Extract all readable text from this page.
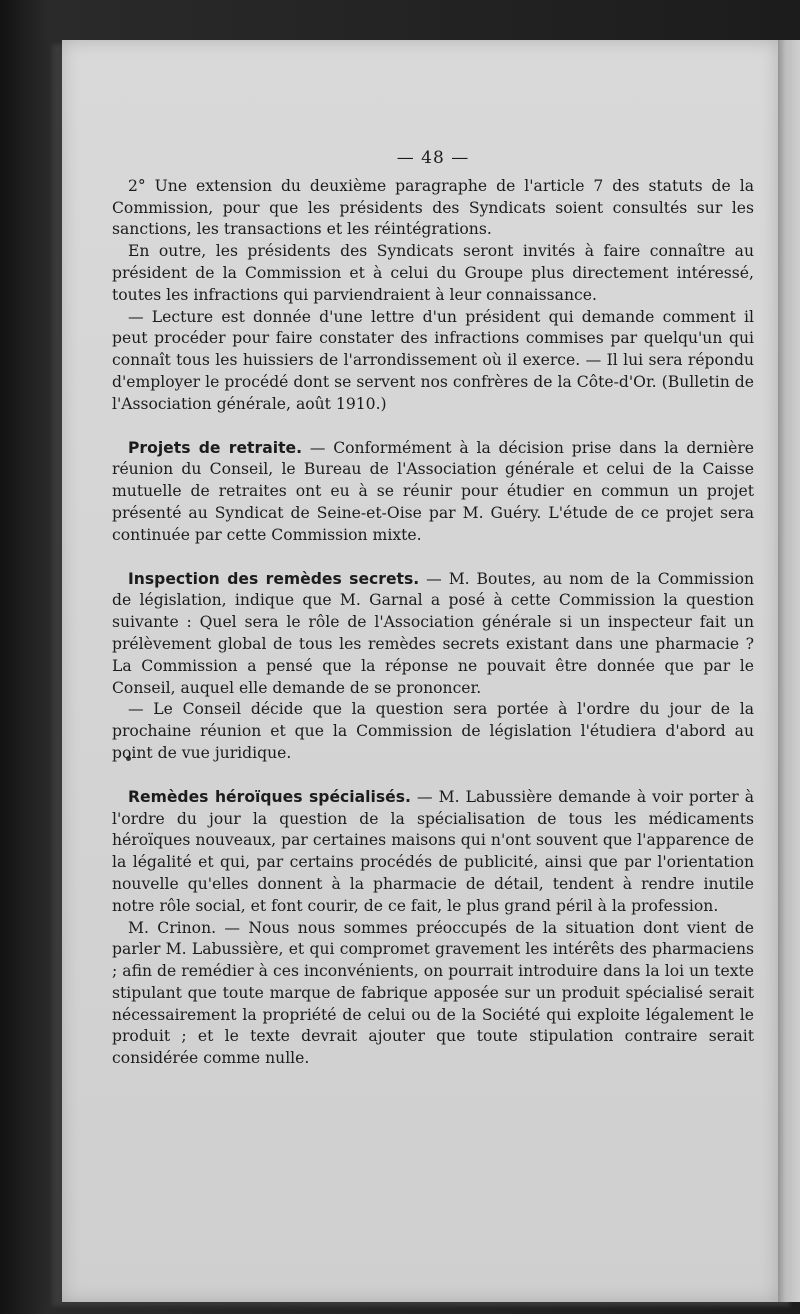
— 48 —

2° Une extension du deuxième paragraphe de l'article 7 des statuts de la Commission, pour que les présidents des Syndicats soient consultés sur les sanctions, les transactions et les réintégrations.

En outre, les présidents des Syndicats seront invités à faire connaître au président de la Commission et à celui du Groupe plus directement intéressé, toutes les infractions qui parviendraient à leur connaissance.

— Lecture est donnée d'une lettre d'un président qui demande comment il peut procéder pour faire constater des infractions commises par quelqu'un qui connaît tous les huissiers de l'arrondissement où il exerce. — Il lui sera répondu d'employer le procédé dont se servent nos confrères de la Côte-d'Or. (Bulletin de l'Association générale, août 1910.)

Projets de retraite. — Conformément à la décision prise dans la dernière réunion du Conseil, le Bureau de l'Association générale et celui de la Caisse mutuelle de retraites ont eu à se réunir pour étudier en commun un projet présenté au Syndicat de Seine-et-Oise par M. Guéry. L'étude de ce projet sera continuée par cette Commission mixte.

Inspection des remèdes secrets. — M. Boutes, au nom de la Commission de législation, indique que M. Garnal a posé à cette Commission la question suivante : Quel sera le rôle de l'Association générale si un inspecteur fait un prélèvement global de tous les remèdes secrets existant dans une pharmacie ? La Commission a pensé que la réponse ne pouvait être donnée que par le Conseil, auquel elle demande de se prononcer.

— Le Conseil décide que la question sera portée à l'ordre du jour de la prochaine réunion et que la Commission de législation l'étudiera d'abord au point de vue juridique.

Remèdes héroïques spécialisés. — M. Labussière demande à voir porter à l'ordre du jour la question de la spécialisation de tous les médicaments héroïques nouveaux, par certaines maisons qui n'ont souvent que l'apparence de la légalité et qui, par certains procédés de publicité, ainsi que par l'orientation nouvelle qu'elles donnent à la pharmacie de détail, tendent à rendre inutile notre rôle social, et font courir, de ce fait, le plus grand péril à la profession.

M. Crinon. — Nous nous sommes préoccupés de la situation dont vient de parler M. Labussière, et qui compromet gravement les intérêts des pharmaciens ; afin de remédier à ces inconvénients, on pourrait introduire dans la loi un texte stipulant que toute marque de fabrique apposée sur un produit spécialisé serait nécessairement la propriété de celui ou de la Société qui exploite légalement le produit ; et le texte devrait ajouter que toute stipulation contraire serait considérée comme nulle.
